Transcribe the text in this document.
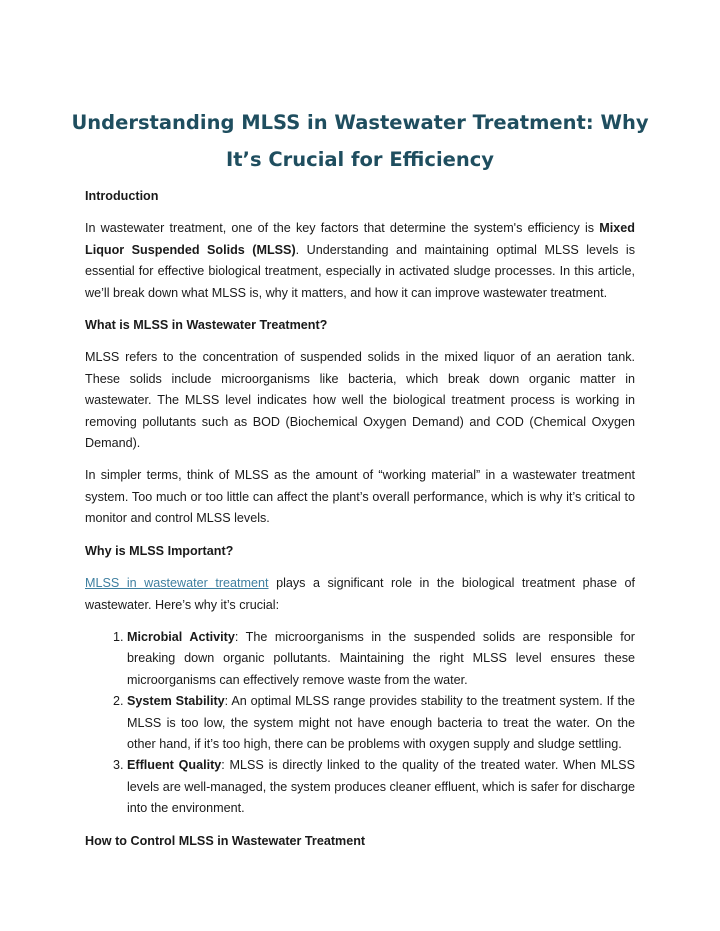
Understanding MLSS in Wastewater Treatment: Why It’s Crucial for Efficiency

Introduction

In wastewater treatment, one of the key factors that determine the system's efficiency is Mixed Liquor Suspended Solids (MLSS). Understanding and maintaining optimal MLSS levels is essential for effective biological treatment, especially in activated sludge processes. In this article, we’ll break down what MLSS is, why it matters, and how it can improve wastewater treatment.

What is MLSS in Wastewater Treatment?

MLSS refers to the concentration of suspended solids in the mixed liquor of an aeration tank. These solids include microorganisms like bacteria, which break down organic matter in wastewater. The MLSS level indicates how well the biological treatment process is working in removing pollutants such as BOD (Biochemical Oxygen Demand) and COD (Chemical Oxygen Demand).

In simpler terms, think of MLSS as the amount of “working material” in a wastewater treatment system. Too much or too little can affect the plant’s overall performance, which is why it’s critical to monitor and control MLSS levels.

Why is MLSS Important?

MLSS in wastewater treatment plays a significant role in the biological treatment phase of wastewater. Here’s why it’s crucial:

1. Microbial Activity: The microorganisms in the suspended solids are responsible for breaking down organic pollutants. Maintaining the right MLSS level ensures these microorganisms can effectively remove waste from the water.
2. System Stability: An optimal MLSS range provides stability to the treatment system. If the MLSS is too low, the system might not have enough bacteria to treat the water. On the other hand, if it’s too high, there can be problems with oxygen supply and sludge settling.
3. Effluent Quality: MLSS is directly linked to the quality of the treated water. When MLSS levels are well-managed, the system produces cleaner effluent, which is safer for discharge into the environment.

How to Control MLSS in Wastewater Treatment
